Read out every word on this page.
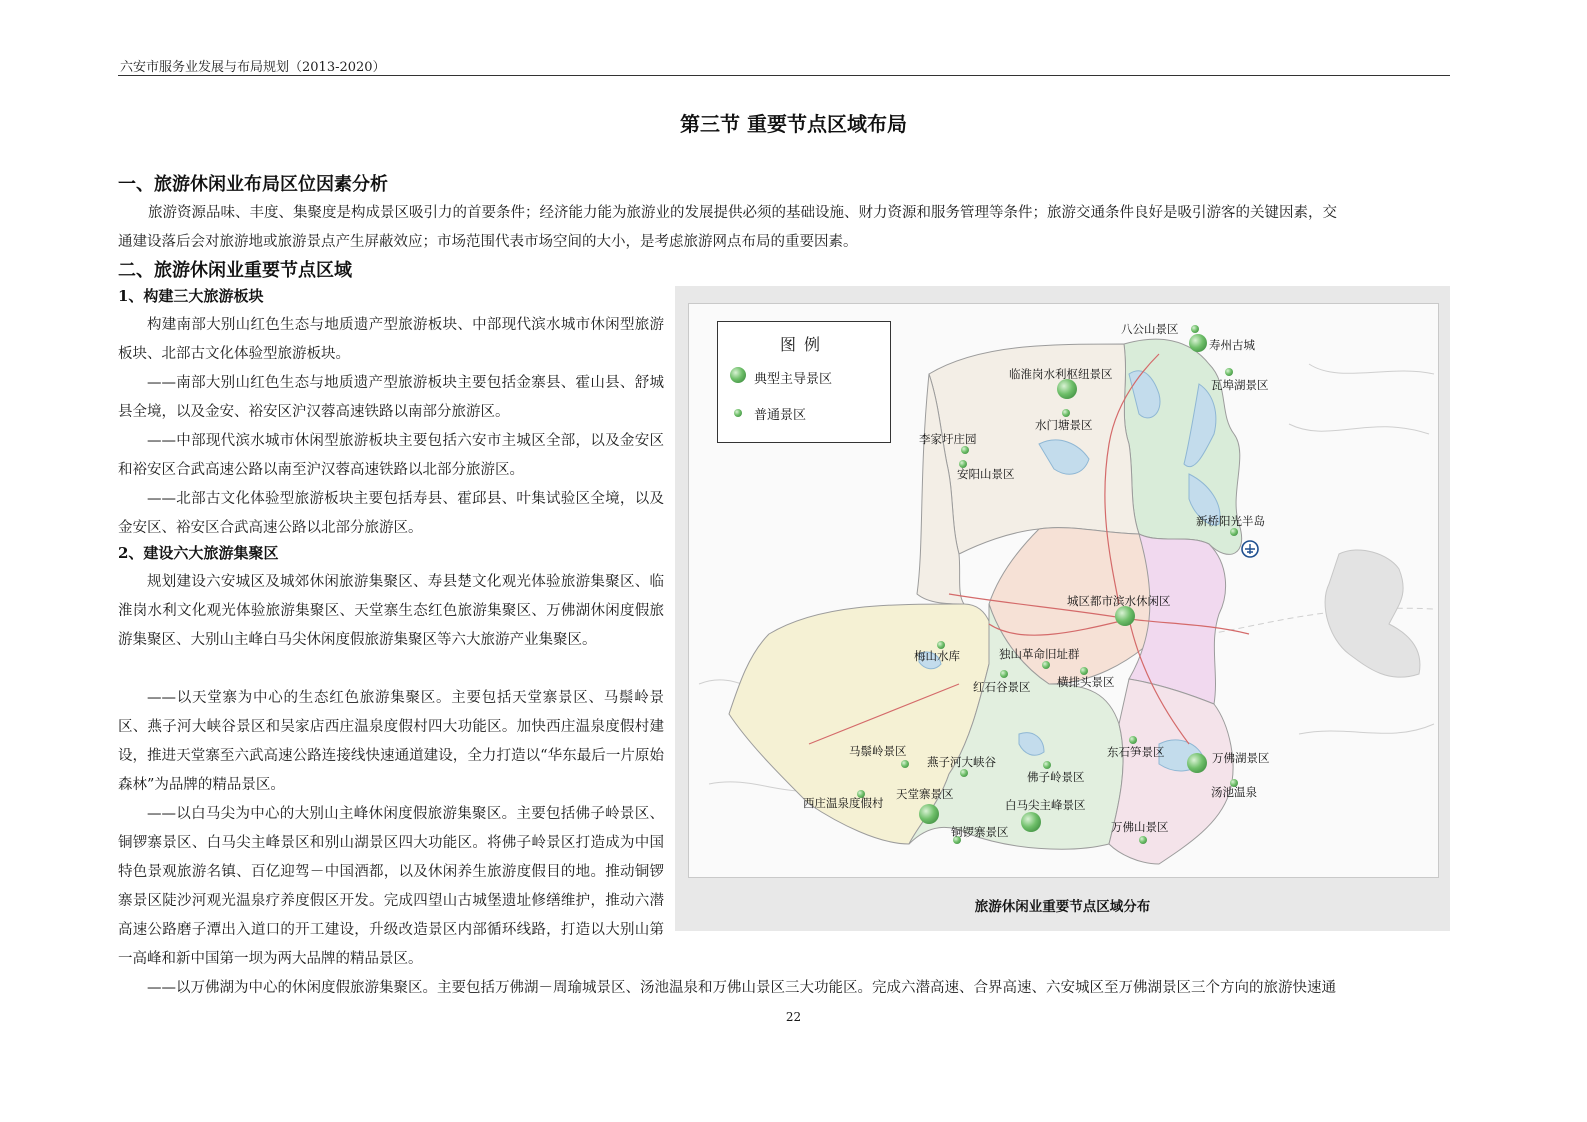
六安市服务业发展与布局规划（2013-2020）
第三节 重要节点区域布局
一、旅游休闲业布局区位因素分析
旅游资源品味、丰度、集聚度是构成景区吸引力的首要条件；经济能力能为旅游业的发展提供必须的基础设施、财力资源和服务管理等条件；旅游交通条件良好是吸引游客的关键因素，交
通建设落后会对旅游地或旅游景点产生屏蔽效应；市场范围代表市场空间的大小，是考虑旅游网点布局的重要因素。
二、旅游休闲业重要节点区域
1、构建三大旅游板块
构建南部大别山红色生态与地质遗产型旅游板块、中部现代滨水城市休闲型旅游板块、北部古文化体验型旅游板块。
——南部大别山红色生态与地质遗产型旅游板块主要包括金寨县、霍山县、舒城县全境，以及金安、裕安区沪汉蓉高速铁路以南部分旅游区。
——中部现代滨水城市休闲型旅游板块主要包括六安市主城区全部，以及金安区和裕安区合武高速公路以南至沪汉蓉高速铁路以北部分旅游区。
——北部古文化体验型旅游板块主要包括寿县、霍邱县、叶集试验区全境，以及金安区、裕安区合武高速公路以北部分旅游区。
2、建设六大旅游集聚区
规划建设六安城区及城郊休闲旅游集聚区、寿县楚文化观光体验旅游集聚区、临淮岗水利文化观光体验旅游集聚区、天堂寨生态红色旅游集聚区、万佛湖休闲度假旅游集聚区、大别山主峰白马尖休闲度假旅游集聚区等六大旅游产业集聚区。
——以天堂寨为中心的生态红色旅游集聚区。主要包括天堂寨景区、马鬃岭景区、燕子河大峡谷景区和吴家店西庄温泉度假村四大功能区。加快西庄温泉度假村建设，推进天堂寨至六武高速公路连接线快速通道建设，全力打造以“华东最后一片原始森林”为品牌的精品景区。
——以白马尖为中心的大别山主峰休闲度假旅游集聚区。主要包括佛子岭景区、铜锣寨景区、白马尖主峰景区和别山湖景区四大功能区。将佛子岭景区打造成为中国特色景观旅游名镇、百亿迎驾－中国酒都，以及休闲养生旅游度假目的地。推动铜锣寨景区陡沙河观光温泉疗养度假区开发。完成四望山古城堡遗址修缮维护，推动六潜高速公路磨子潭出入道口的开工建设，升级改造景区内部循环线路，打造以大别山第一高峰和新中国第一坝为两大品牌的精品景区。
——以万佛湖为中心的休闲度假旅游集聚区。主要包括万佛湖－周瑜城景区、汤池温泉和万佛山景区三大功能区。完成六潜高速、合界高速、六安城区至万佛湖景区三个方向的旅游快速通
图例
典型主导景区
普通景区
八公山景区
寿州古城
临淮岗水利枢纽景区
瓦埠湖景区
水门塘景区
李家圩庄园
安阳山景区
新桥阳光半岛
城区都市滨水休闲区
梅山水库	独山革命旧址群
红石谷景区 横排头景区
东石笋景区	万佛湖景区
马鬃岭景区
燕子河大峡谷
佛子岭景区
西庄温泉度假村
天堂寨景区
白马尖主峰景区
汤池温泉
铜锣寨景区	万佛山景区
旅游休闲业重要节点区域分布
22
